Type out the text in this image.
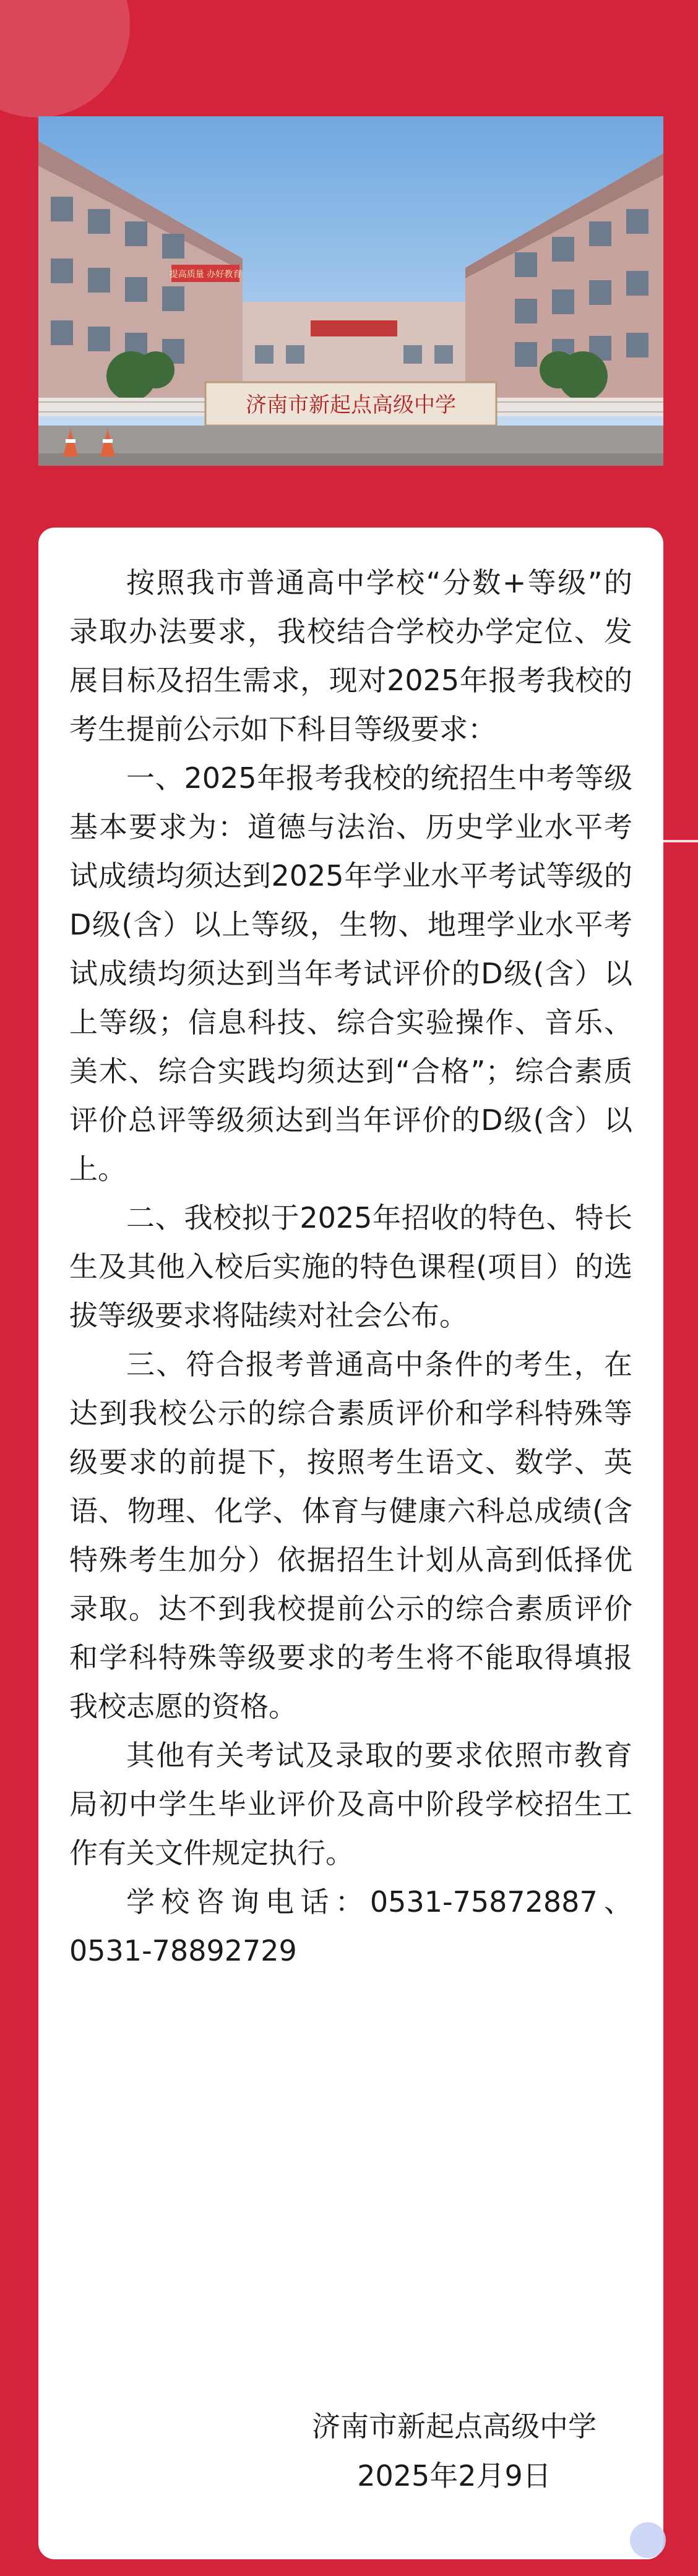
提高质量 办好教育
济南市新起点高级中学

按照我市普通高中学校“分数+等级”的录取办法要求，我校结合学校办学定位、发展目标及招生需求，现对2025年报考我校的考生提前公示如下科目等级要求：

一、2025年报考我校的统招生中考等级基本要求为：道德与法治、历史学业水平考试成绩均须达到2025年学业水平考试等级的D级(含）以上等级，生物、地理学业水平考试成绩均须达到当年考试评价的D级(含）以上等级；信息科技、综合实验操作、音乐、美术、综合实践均须达到“合格”；综合素质评价总评等级须达到当年评价的D级(含）以上。

二、我校拟于2025年招收的特色、特长生及其他入校后实施的特色课程(项目）的选拔等级要求将陆续对社会公布。

三、符合报考普通高中条件的考生，在达到我校公示的综合素质评价和学科特殊等级要求的前提下，按照考生语文、数学、英语、物理、化学、体育与健康六科总成绩(含特殊考生加分）依据招生计划从高到低择优录取。达不到我校提前公示的综合素质评价和学科特殊等级要求的考生将不能取得填报我校志愿的资格。

其他有关考试及录取的要求依照市教育局初中学生毕业评价及高中阶段学校招生工作有关文件规定执行。

学校咨询电话：0531-75872887、0531-78892729

济南市新起点高级中学
2025年2月9日
